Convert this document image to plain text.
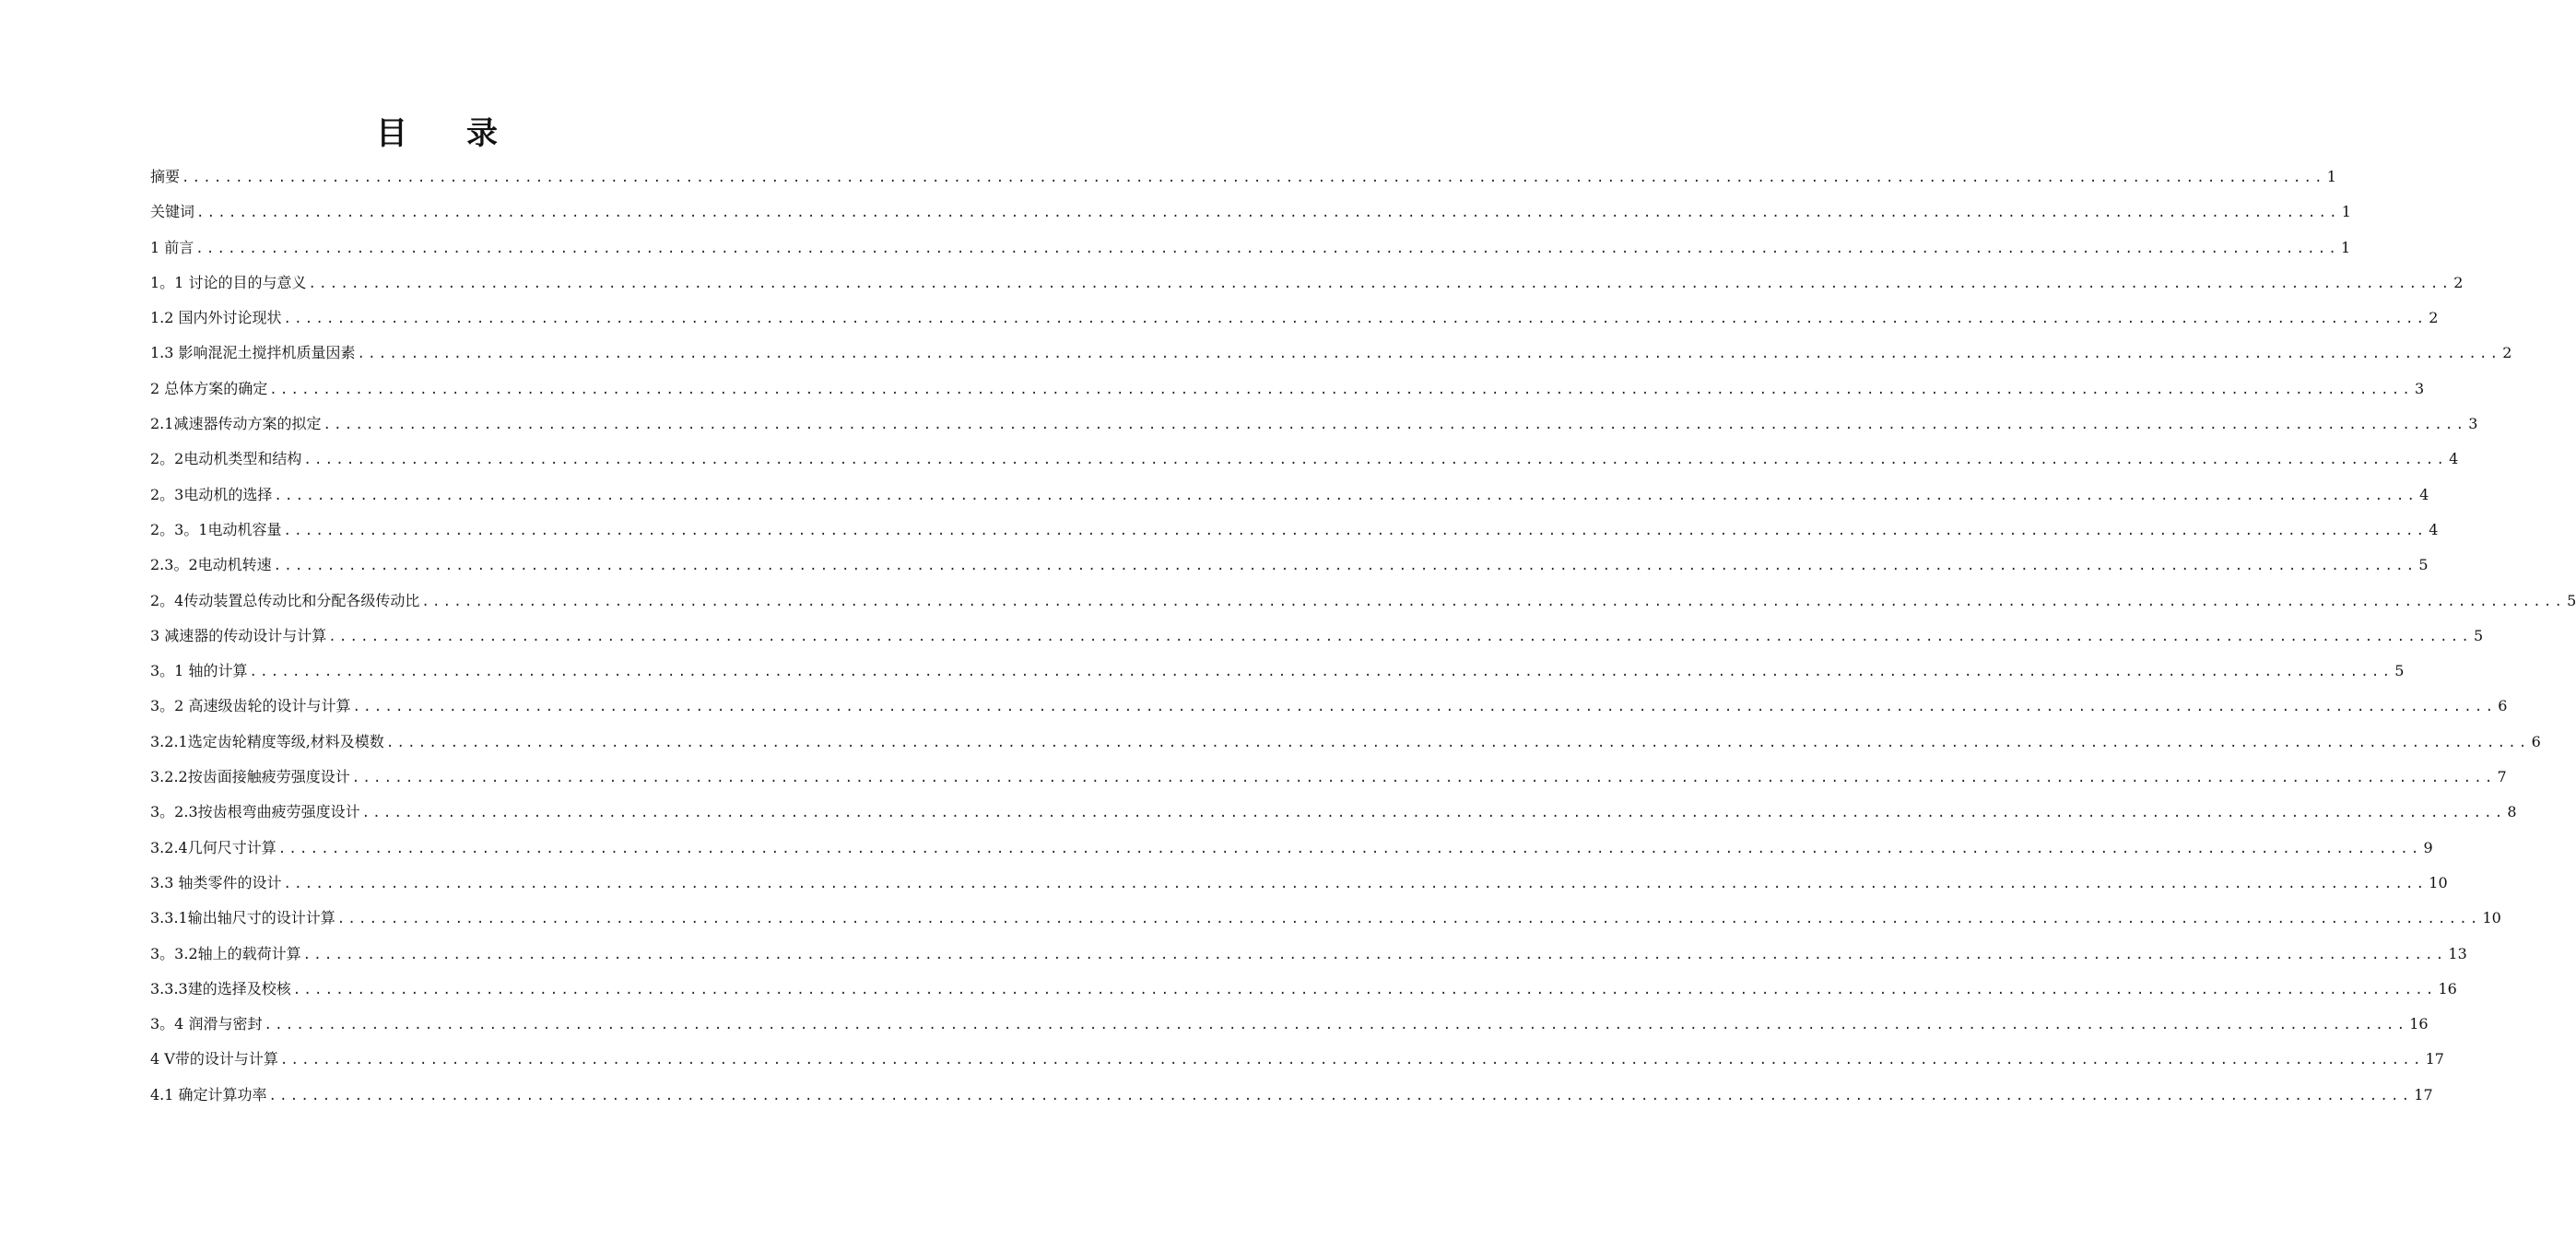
目 录
摘要 ........................................................................................................................................................................................................ 1
关键词 ........................................................................................................................................................................................................ 1
1 前言 ........................................................................................................................................................................................................ 1
1。1 讨论的目的与意义 ........................................................................................................................................................................................................ 2
1.2 国内外讨论现状 ........................................................................................................................................................................................................ 2
1.3 影响混泥土搅拌机质量因素 ........................................................................................................................................................................................................ 2
2 总体方案的确定 ........................................................................................................................................................................................................ 3
2.1减速器传动方案的拟定 ........................................................................................................................................................................................................ 3
2。2电动机类型和结构 ........................................................................................................................................................................................................ 4
2。3电动机的选择 ........................................................................................................................................................................................................ 4
2。3。1电动机容量 ........................................................................................................................................................................................................ 4
2.3。2电动机转速 ........................................................................................................................................................................................................ 5
2。4传动装置总传动比和分配各级传动比 ........................................................................................................................................................................................................ 5
3 减速器的传动设计与计算 ........................................................................................................................................................................................................ 5
3。1 轴的计算 ........................................................................................................................................................................................................ 5
3。2 高速级齿轮的设计与计算 ........................................................................................................................................................................................................ 6
3.2.1选定齿轮精度等级,材料及模数 ........................................................................................................................................................................................................ 6
3.2.2按齿面接触疲劳强度设计 ........................................................................................................................................................................................................ 7
3。2.3按齿根弯曲疲劳强度设计 ........................................................................................................................................................................................................ 8
3.2.4几何尺寸计算 ........................................................................................................................................................................................................ 9
3.3 轴类零件的设计 ........................................................................................................................................................................................................ 10
3.3.1输出轴尺寸的设计计算 ........................................................................................................................................................................................................ 10
3。3.2轴上的载荷计算 ........................................................................................................................................................................................................ 13
3.3.3建的选择及校核 ........................................................................................................................................................................................................ 16
3。4 润滑与密封 ........................................................................................................................................................................................................ 16
4 V带的设计与计算 ........................................................................................................................................................................................................ 17
4.1 确定计算功率 ........................................................................................................................................................................................................ 17
